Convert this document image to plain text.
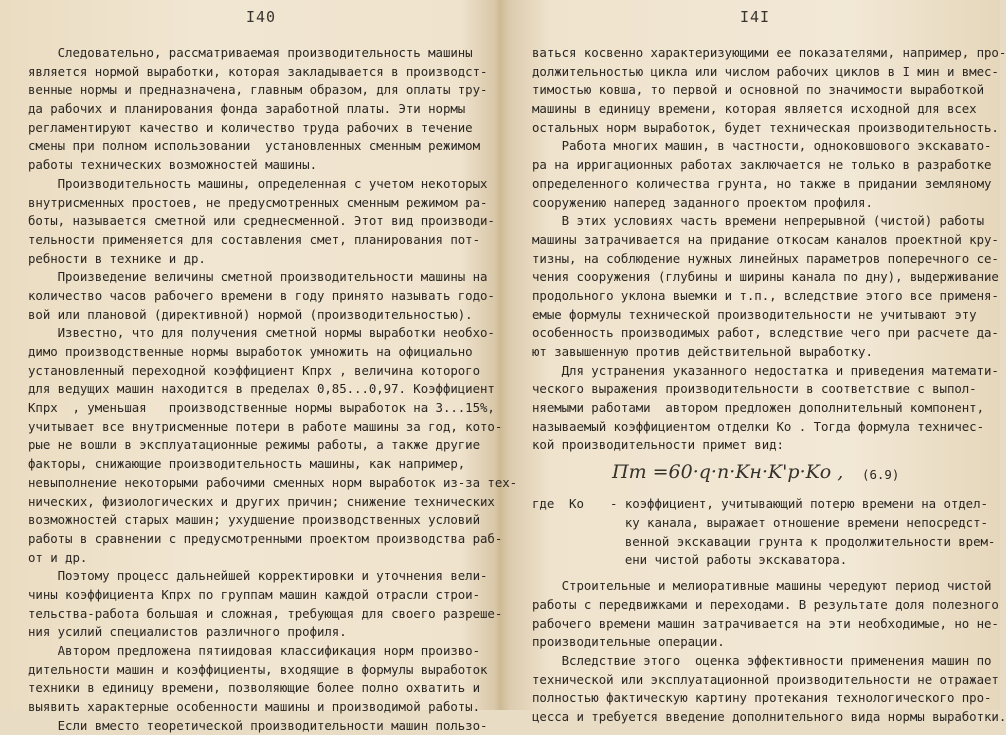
I40
Следовательно, рассматриваемая производительность машины
является нормой выработки, которая закладывается в производст-
венные нормы и предназначена, главным образом, для оплаты тру-
да рабочих и планирования фонда заработной платы. Эти нормы
регламентируют качество и количество труда рабочих в течение
смены при полном использовании  установленных сменным режимом
работы технических возможностей машины.
Производительность машины, определенная с учетом некоторых
внутрисменных простоев, не предусмотренных сменным режимом ра-
боты, называется сметной или среднесменной. Этот вид производи-
тельности применяется для составления смет, планирования пот-
ребности в технике и др.
Произведение величины сметной производительности машины на
количество часов рабочего времени в году принято называть годо-
вой или плановой (директивной) нормой (производительностью).
Известно, что для получения сметной нормы выработки необхо-
димо производственные нормы выработок умножить на официально
установленный переходной коэффициент Kпрх , величина которого
для ведущих машин находится в пределах 0,85...0,97. Коэффициент
Kпрх  , уменьшая   производственные нормы выработок на 3...15%,
учитывает все внутрисменные потери в работе машины за год, кото-
рые не вошли в эксплуатационные режимы работы, а также другие
факторы, снижающие производительность машины, как например,
невыполнение некоторыми рабочими сменных норм выработок из-за тех-
нических, физиологических и других причин; снижение технических
возможностей старых машин; ухудшение производственных условий
работы в сравнении с предусмотренными проектом производства раб-
от и др.
Поэтому процесс дальнейшей корректировки и уточнения вели-
чины коэффициента Kпрх по группам машин каждой отрасли строи-
тельства-работа большая и сложная, требующая для своего разреше-
ния усилий специалистов различного профиля.
Автором предложена пятиидовая классификация норм произво-
дительности машин и коэффициенты, входящие в формулы выработок
техники в единицу времени, позволяющие более полно охватить и
выявить характерные особенности машины и производимой работы.
Если вместо теоретической производительности машин пользо-
I4I
ваться косвенно характеризующими ее показателями, например, про-
должительностью цикла или числом рабочих циклов в I мин и вмес-
тимостью ковша, то первой и основной по значимости выработкой
машины в единицу времени, которая является исходной для всех
остальных норм выработок, будет техническая производительность.
Работа многих машин, в частности, одноковшового экскавато-
ра на ирригационных работах заключается не только в разработке
определенного количества грунта, но также в придании земляному
сооружению наперед заданного проектом профиля.
В этих условиях часть времени непрерывной (чистой) работы
машины затрачивается на придание откосам каналов проектной кру-
тизны, на соблюдение нужных линейных параметров поперечного се-
чения сооружения (глубины и ширины канала по дну), выдерживание
продольного уклона выемки и т.п., вследствие этого все применя-
емые формулы технической производительности не учитывают эту
особенность производимых работ, вследствие чего при расчете да-
ют завышенную против действительной выработку.
Для устранения указанного недостатка и приведения математи-
ческого выражения производительности в соответствие с выпол-
няемыми работами  автором предложен дополнительный компонент,
называемый коэффициентом отделки Ko . Тогда формула техничес-
кой производительности примет вид:
Пт =60·q·n·Kн·K'р·Kо , (6.9)
где  Ko - коэффициент, учитывающий потерю времени на отдел-
ку канала, выражает отношение времени непосредст-
венной экскавации грунта к продолжительности врем-
ени чистой работы экскаватора.
Строительные и мелиоративные машины чередуют период чистой
работы с передвижками и переходами. В результате доля полезного
рабочего времени машин затрачивается на эти необходимые, но не-
производительные операции.
Вследствие этого  оценка эффективности применения машин по
технической или эксплуатационной производительности не отражает
полностью фактическую картину протекания технологического про-
цесса и требуется введение дополнительного вида нормы выработки.
